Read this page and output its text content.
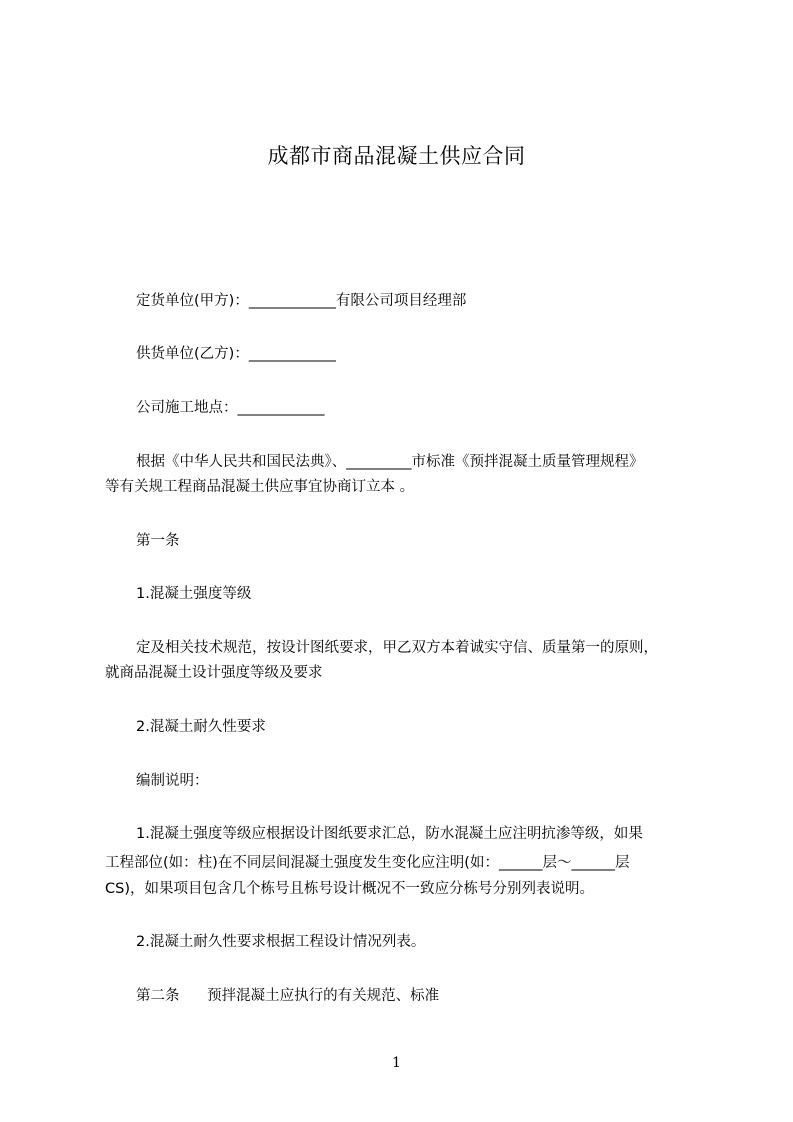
成都市商品混凝土供应合同
定货单位(甲方)：____________有限公司项目经理部
供货单位(乙方)：____________
公司施工地点：____________
根据《中华人民共和国民法典》、_________市标准《预拌混凝土质量管理规程》
等有关规工程商品混凝土供应事宜协商订立本 。
第一条
1.混凝土强度等级
定及相关技术规范，按设计图纸要求，甲乙双方本着诚实守信、质量第一的原则，
就商品混凝土设计强度等级及要求
2.混凝土耐久性要求
编制说明：
1.混凝土强度等级应根据设计图纸要求汇总，防水混凝土应注明抗渗等级，如果
工程部位(如：柱)在不同层间混凝土强度发生变化应注明(如：______层～______层
CS)，如果项目包含几个栋号且栋号设计概况不一致应分栋号分别列表说明。
2.混凝土耐久性要求根据工程设计情况列表。
第二条      预拌混凝土应执行的有关规范、标准
1
